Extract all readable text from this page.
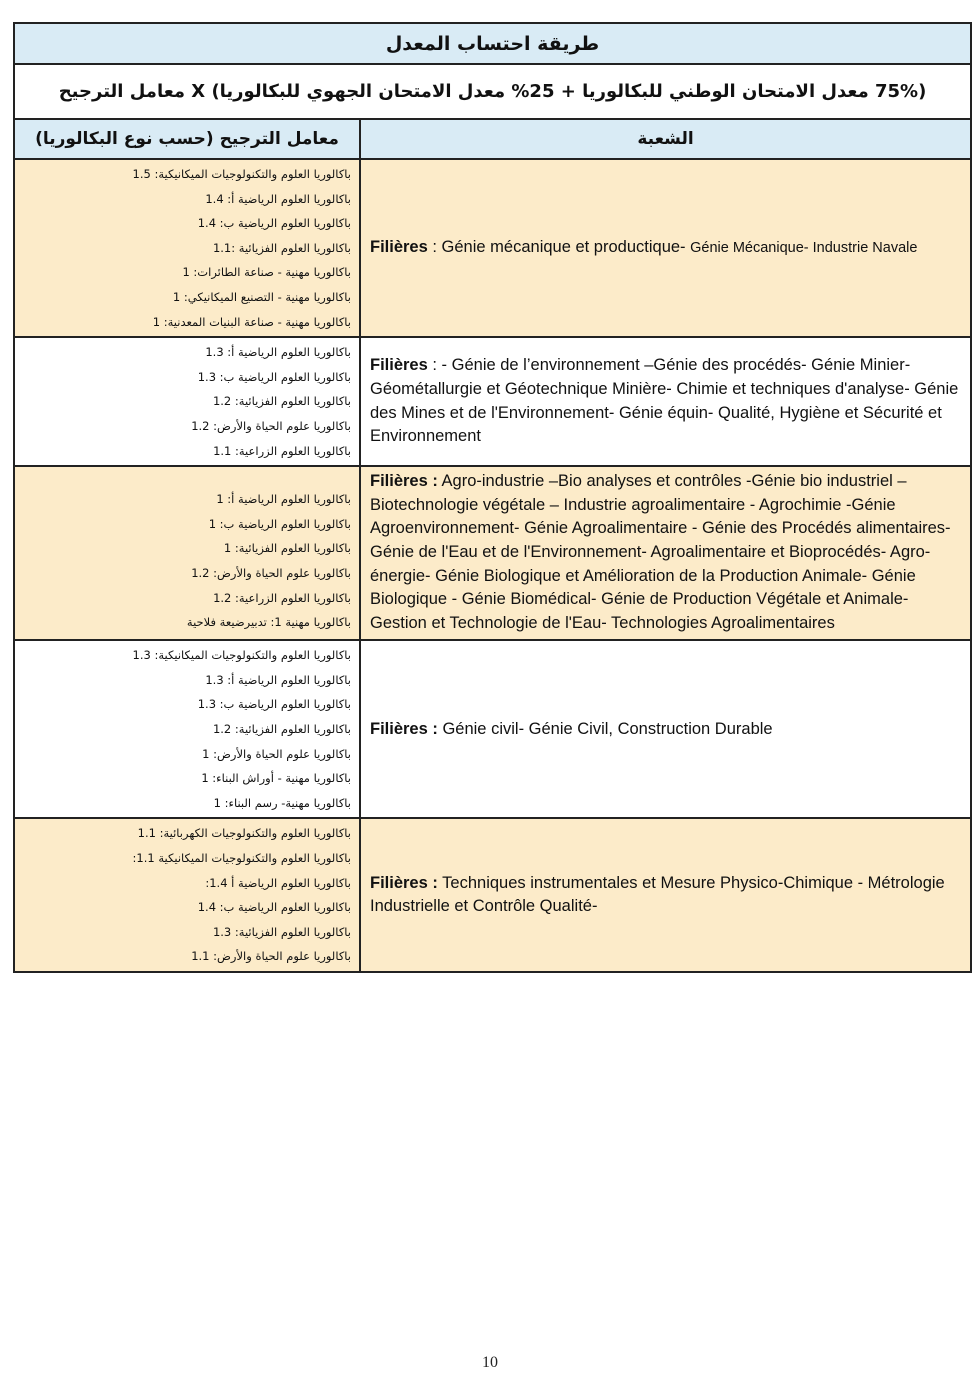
طريقة احتساب المعدل
(75% معدل الامتحان الوطني للبكالوريا + 25% معدل الامتحان الجهوي للبكالوريا) X معامل الترجيح
معامل الترجيح (حسب نوع البكالوريا)	الشعبة
باكالوريا العلوم والتكنولوجيات الميكانيكية: 1.5
باكالوريا العلوم الرياضية أ: 1.4
باكالوريا العلوم الرياضية ب: 1.4
باكالوريا العلوم الفزيائية :1.1
باكالوريا مهنية - صناعة الطائرات: 1
باكالوريا مهنية - التصنيع الميكانيكي: 1
باكالوريا مهنية - صناعة البنيات المعدنية: 1
Filières : Génie mécanique et productique- Génie Mécanique- Industrie Navale
باكالوريا العلوم الرياضية أ: 1.3
باكالوريا العلوم الرياضية ب: 1.3
باكالوريا العلوم الفزيائية: 1.2
باكالوريا علوم الحياة والأرض: 1.2
باكالوريا العلوم الزراعية: 1.1
Filières : - Génie de l’environnement –Génie des procédés- Génie Minier- Géométallurgie et Géotechnique Minière- Chimie et techniques d'analyse- Génie des Mines et de l'Environnement- Génie équin- Qualité, Hygiène et Sécurité et Environnement
باكالوريا العلوم الرياضية أ: 1
باكالوريا العلوم الرياضية ب: 1
باكالوريا العلوم الفزيائية: 1
باكالوريا علوم الحياة والأرض: 1.2
باكالوريا العلوم الزراعية: 1.2
باكالوريا مهنية 1: تدبيرضيعة فلاحية
Filières : Agro-industrie –Bio analyses et contrôles -Génie bio industriel – Biotechnologie végétale – Industrie agroalimentaire - Agrochimie -Génie Agroenvironnement- Génie Agroalimentaire - Génie des Procédés alimentaires- Génie de l'Eau et de l'Environnement- Agroalimentaire et Bioprocédés- Agro-énergie- Génie Biologique et Amélioration de la Production Animale- Génie Biologique - Génie Biomédical- Génie de Production Végétale et Animale- Gestion et Technologie de l'Eau- Technologies Agroalimentaires
باكالوريا العلوم والتكنولوجيات الميكانيكية: 1.3
باكالوريا العلوم الرياضية أ: 1.3
باكالوريا العلوم الرياضية ب: 1.3
باكالوريا العلوم الفزيائية: 1.2
باكالوريا علوم الحياة والأرض: 1
باكالوريا مهنية - أوراش البناء: 1
باكالوريا مهنية- رسم البناء: 1
Filières : Génie civil- Génie Civil, Construction Durable
باكالوريا العلوم والتكنولوجيات الكهربائية: 1.1
باكالوريا العلوم والتكنولوجيات الميكانيكية 1.1:
باكالوريا العلوم الرياضية أ 1.4:
باكالوريا العلوم الرياضية ب: 1.4
باكالوريا العلوم الفزيائية: 1.3
باكالوريا علوم الحياة والأرض: 1.1
Filières : Techniques instrumentales et Mesure Physico-Chimique - Métrologie Industrielle et Contrôle Qualité-
10
